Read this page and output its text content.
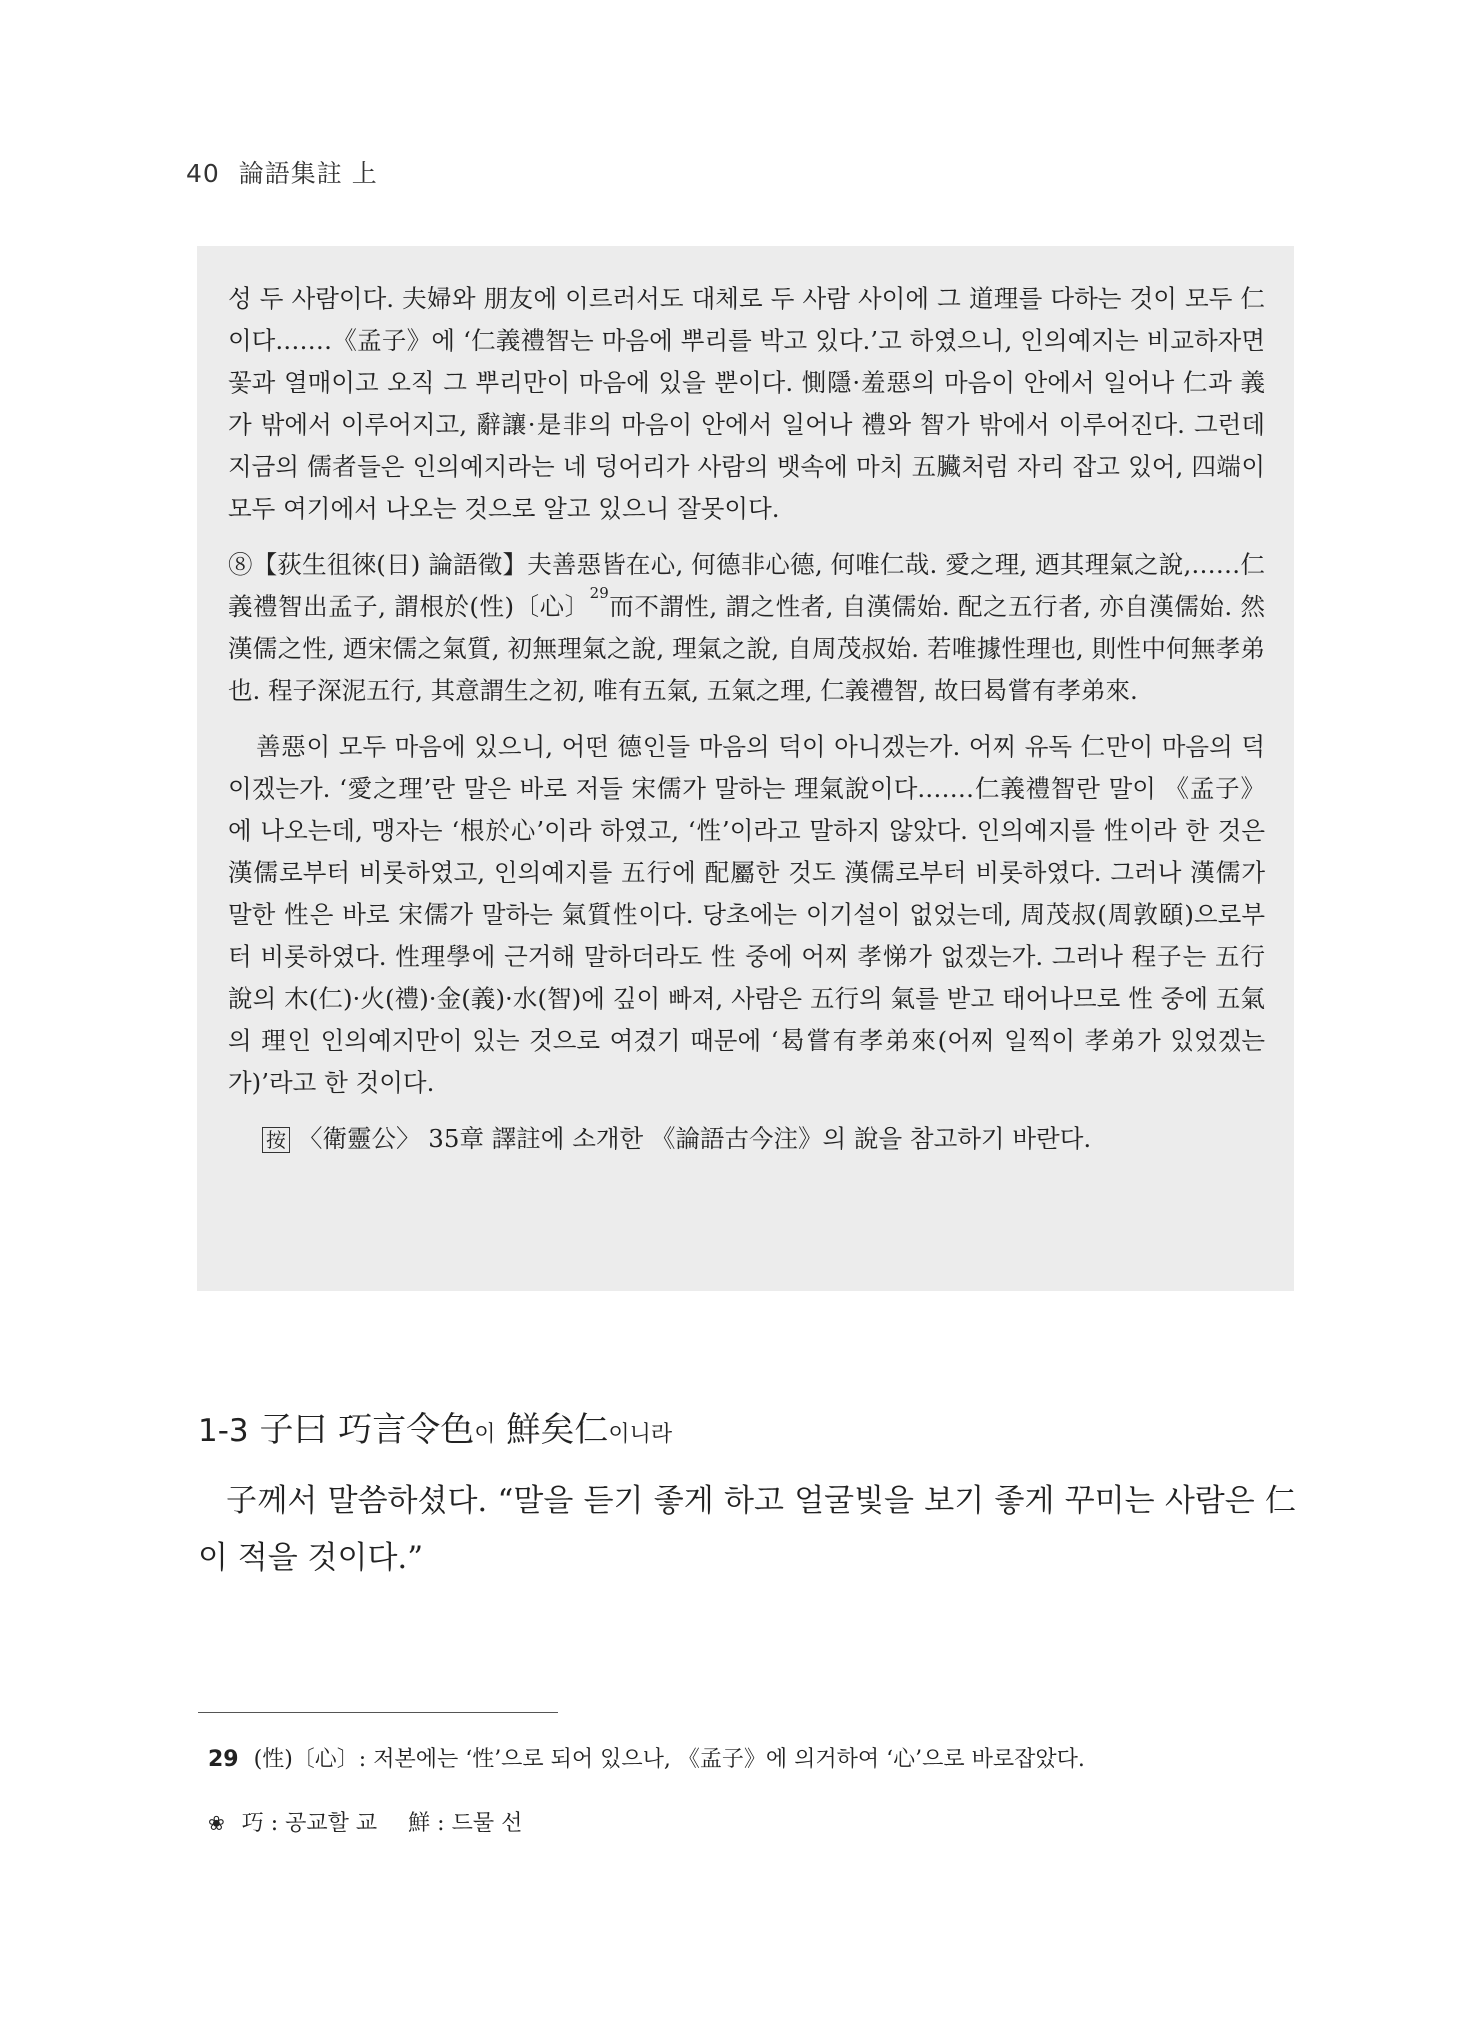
40 論語集註 上

성 두 사람이다. 夫婦와 朋友에 이르러서도 대체로 두 사람 사이에 그 道理를 다하는 것이 모두 仁이다.……《孟子》에 ‘仁義禮智는 마음에 뿌리를 박고 있다.’고 하였으니, 인의예지는 비교하자면 꽃과 열매이고 오직 그 뿌리만이 마음에 있을 뿐이다. 惻隱·羞惡의 마음이 안에서 일어나 仁과 義가 밖에서 이루어지고, 辭讓·是非의 마음이 안에서 일어나 禮와 智가 밖에서 이루어진다. 그런데 지금의 儒者들은 인의예지라는 네 덩어리가 사람의 뱃속에 마치 五臟처럼 자리 잡고 있어, 四端이 모두 여기에서 나오는 것으로 알고 있으니 잘못이다.

⑧【荻生徂徠(日) 論語徵】夫善惡皆在心, 何德非心德, 何唯仁哉. 愛之理, 迺其理氣之說,……仁義禮智出孟子, 謂根於(性)〔心〕$^{29}$而不謂性, 謂之性者, 自漢儒始. 配之五行者, 亦自漢儒始. 然漢儒之性, 迺宋儒之氣質, 初無理氣之說, 理氣之說, 自周茂叔始. 若唯據性理也, 則性中何無孝弟也. 程子深泥五行, 其意謂生之初, 唯有五氣, 五氣之理, 仁義禮智, 故曰曷嘗有孝弟來.

善惡이 모두 마음에 있으니, 어떤 德인들 마음의 덕이 아니겠는가. 어찌 유독 仁만이 마음의 덕이겠는가. ‘愛之理’란 말은 바로 저들 宋儒가 말하는 理氣說이다.……仁義禮智란 말이 《孟子》에 나오는데, 맹자는 ‘根於心’이라 하였고, ‘性’이라고 말하지 않았다. 인의예지를 性이라 한 것은 漢儒로부터 비롯하였고, 인의예지를 五行에 配屬한 것도 漢儒로부터 비롯하였다. 그러나 漢儒가 말한 性은 바로 宋儒가 말하는 氣質性이다. 당초에는 이기설이 없었는데, 周茂叔(周敦頤)으로부터 비롯하였다. 性理學에 근거해 말하더라도 性 중에 어찌 孝悌가 없겠는가. 그러나 程子는 五行說의 木(仁)·火(禮)·金(義)·水(智)에 깊이 빠져, 사람은 五行의 氣를 받고 태어나므로 性 중에 五氣의 理인 인의예지만이 있는 것으로 여겼기 때문에 ‘曷嘗有孝弟來(어찌 일찍이 孝弟가 있었겠는가)’라고 한 것이다.

按 〈衛靈公〉 35章 譯註에 소개한 《論語古今注》의 說을 참고하기 바란다.

1-3 子曰 巧言令色이 鮮矣仁이니라

子께서 말씀하셨다. “말을 듣기 좋게 하고 얼굴빛을 보기 좋게 꾸미는 사람은 仁이 적을 것이다.”

29 (性)〔心〕: 저본에는 ‘性’으로 되어 있으나, 《孟子》에 의거하여 ‘心’으로 바로잡았다.
❀ 巧 : 공교할 교 鮮 : 드물 선
